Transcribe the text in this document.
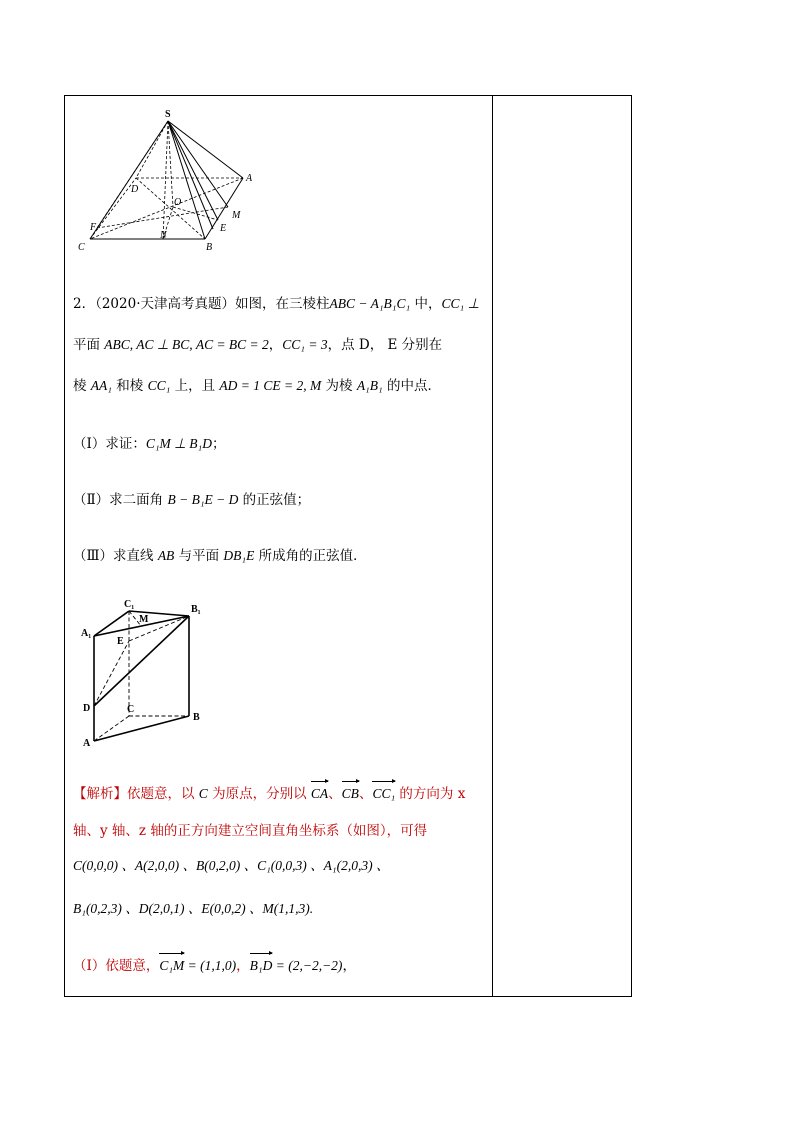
S
A
B
C
D
E
F
M
N
O
2．（2020·天津高考真题）如图，在三棱柱ABC − A₁B₁C₁ 中，CC₁ ⊥
平面 ABC, AC ⊥ BC, AC = BC = 2，CC₁ = 3，点 D， E 分别在
棱 AA₁ 和棱 CC₁ 上，且 AD = 1 CE = 2, M 为棱 A₁B₁ 的中点．
（Ⅰ）求证：C₁M ⊥ B₁D；
（Ⅱ）求二面角 B − B₁E − D 的正弦值；
（Ⅲ）求直线 AB 与平面 DB₁E 所成角的正弦值．
C₁	B₁
A₁
M
E
D	C
B
A
【解析】依题意，以 C 为原点，分别以
CA、
CB、
CC₁ 的方向为 x
轴、y 轴、z 轴的正方向建立空间直角坐标系（如图），可得
C(0,0,0) 、A(2,0,0) 、B(0,2,0) 、C₁(0,0,3) 、A₁(2,0,3) 、
B₁(0,2,3) 、D(2,0,1) 、E(0,0,2) 、M(1,1,3).
（Ⅰ）依题意，
C₁M = (1,1,0)，
B₁D = (2,−2,−2)，
